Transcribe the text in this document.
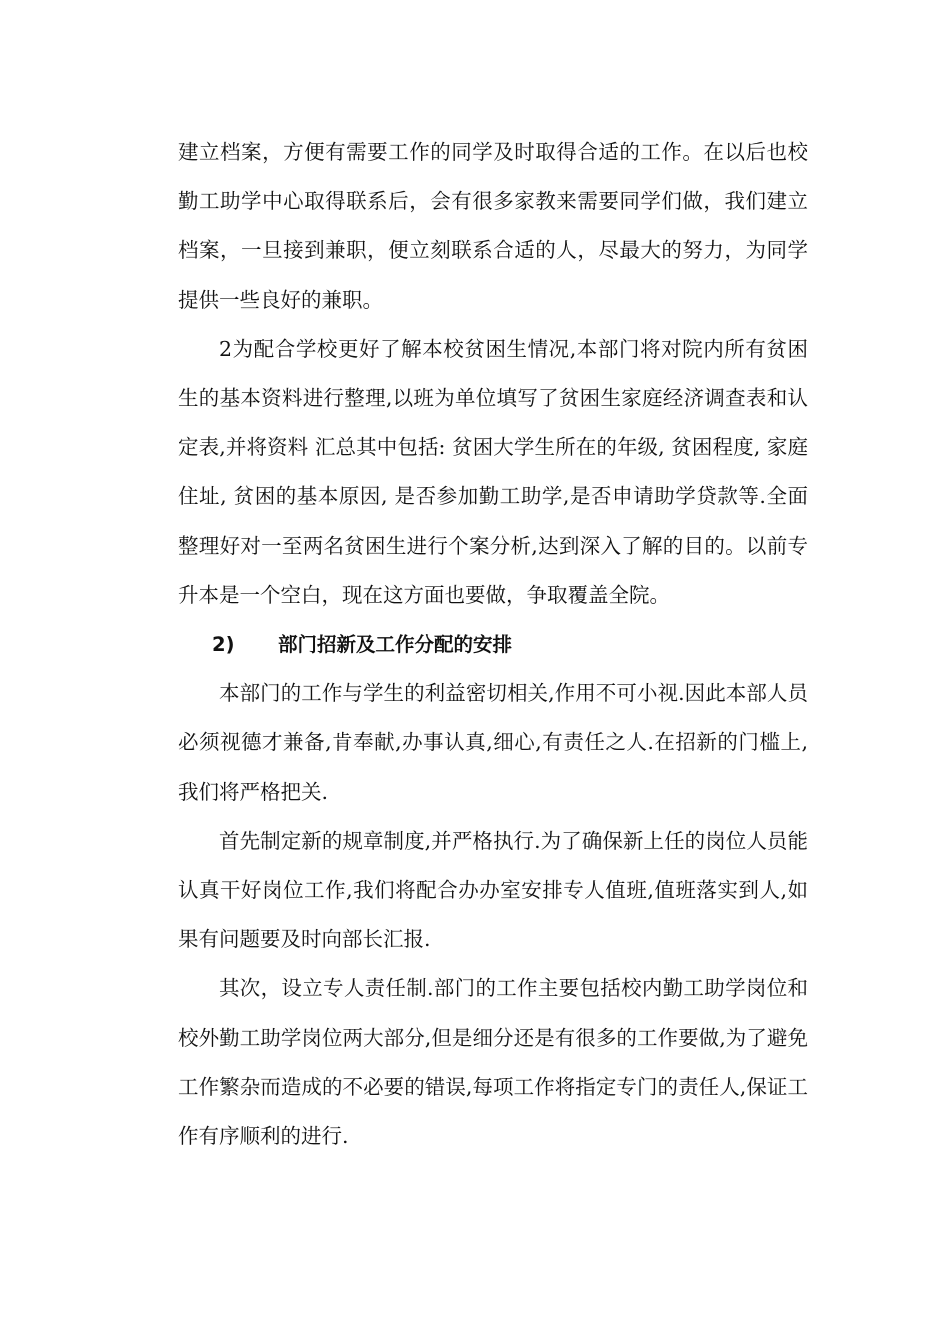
建立档案，方便有需要工作的同学及时取得合适的工作。在以后也校勤工助学中心取得联系后，会有很多家教来需要同学们做，我们建立档案，一旦接到兼职，便立刻联系合适的人，尽最大的努力，为同学提供一些良好的兼职。

2为配合学校更好了解本校贫困生情况,本部门将对院内所有贫困生的基本资料进行整理,以班为单位填写了贫困生家庭经济调查表和认定表,并将资料 汇总其中包括: 贫困大学生所在的年级, 贫困程度, 家庭住址, 贫困的基本原因, 是否参加勤工助学,是否申请助学贷款等.全面整理好对一至两名贫困生进行个案分析,达到深入了解的目的。以前专升本是一个空白，现在这方面也要做，争取覆盖全院。

2) 部门招新及工作分配的安排

本部门的工作与学生的利益密切相关,作用不可小视.因此本部人员必须视德才兼备,肯奉献,办事认真,细心,有责任之人.在招新的门槛上,我们将严格把关.

首先制定新的规章制度,并严格执行.为了确保新上任的岗位人员能认真干好岗位工作,我们将配合办办室安排专人值班,值班落实到人,如果有问题要及时向部长汇报.

其次，设立专人责任制.部门的工作主要包括校内勤工助学岗位和校外勤工助学岗位两大部分,但是细分还是有很多的工作要做,为了避免工作繁杂而造成的不必要的错误,每项工作将指定专门的责任人,保证工作有序顺利的进行.
